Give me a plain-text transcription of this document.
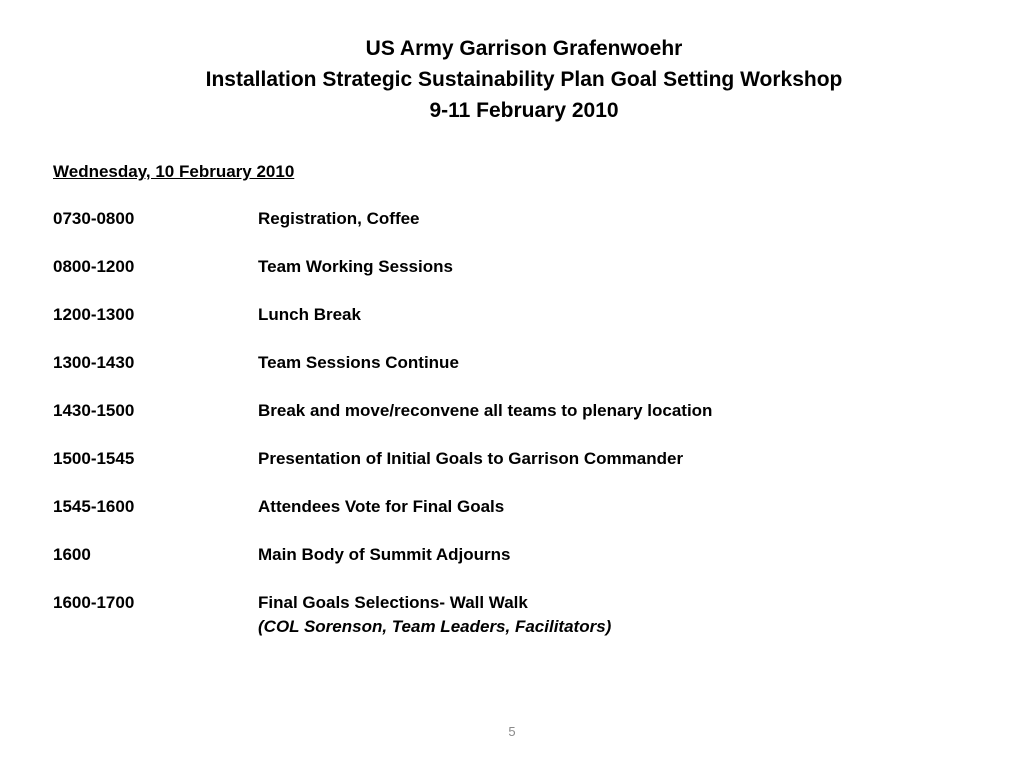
US Army Garrison Grafenwoehr
Installation Strategic Sustainability Plan Goal Setting Workshop
9-11 February 2010
Wednesday, 10 February 2010
0730-0800	Registration, Coffee
0800-1200	Team Working Sessions
1200-1300	Lunch Break
1300-1430	Team Sessions Continue
1430-1500	Break and move/reconvene all teams to plenary location
1500-1545	Presentation of Initial Goals to Garrison Commander
1545-1600	Attendees Vote for Final Goals
1600	Main Body of Summit Adjourns
1600-1700	Final Goals Selections- Wall Walk
(COL Sorenson, Team Leaders, Facilitators)
5
